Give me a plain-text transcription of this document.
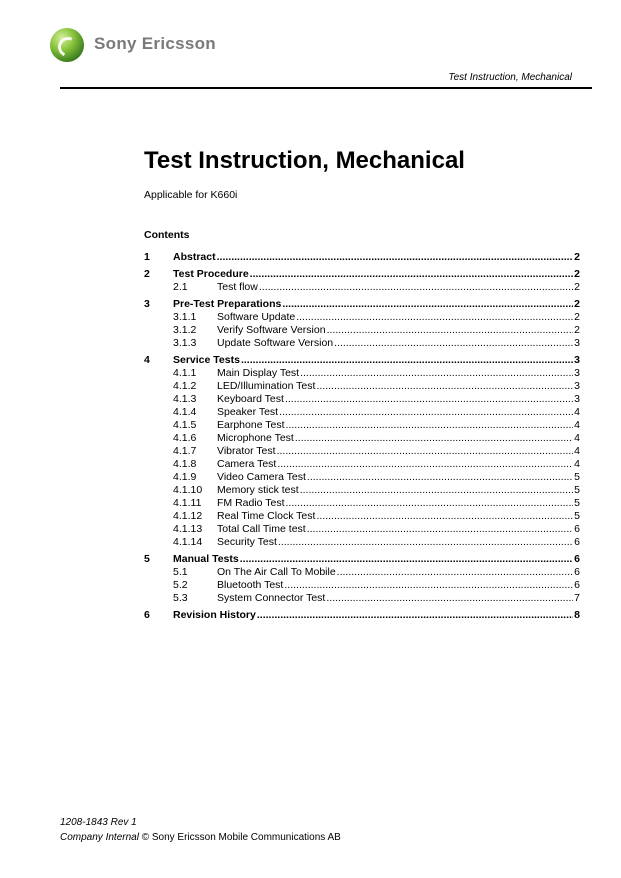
Sony Ericsson
Test Instruction, Mechanical
Test Instruction, Mechanical
Applicable for K660i
Contents
1	Abstract .....	2
2	Test Procedure .....	2
2.1	Test flow .....	2
3	Pre-Test Preparations .....	2
3.1.1	Software Update .....	2
3.1.2	Verify Software Version .....	2
3.1.3	Update Software Version .....	3
4	Service Tests .....	3
4.1.1	Main Display Test .....	3
4.1.2	LED/Illumination Test .....	3
4.1.3	Keyboard Test .....	3
4.1.4	Speaker Test .....	4
4.1.5	Earphone Test .....	4
4.1.6	Microphone Test .....	4
4.1.7	Vibrator Test .....	4
4.1.8	Camera Test .....	4
4.1.9	Video Camera Test .....	5
4.1.10	Memory stick test .....	5
4.1.11	FM Radio Test .....	5
4.1.12	Real Time Clock Test .....	5
4.1.13	Total Call Time test .....	6
4.1.14	Security Test .....	6
5	Manual Tests .....	6
5.1	On The Air Call To Mobile .....	6
5.2	Bluetooth Test .....	6
5.3	System Connector Test .....	7
6	Revision History .....	8
1208-1843 Rev 1
Company Internal © Sony Ericsson Mobile Communications AB
